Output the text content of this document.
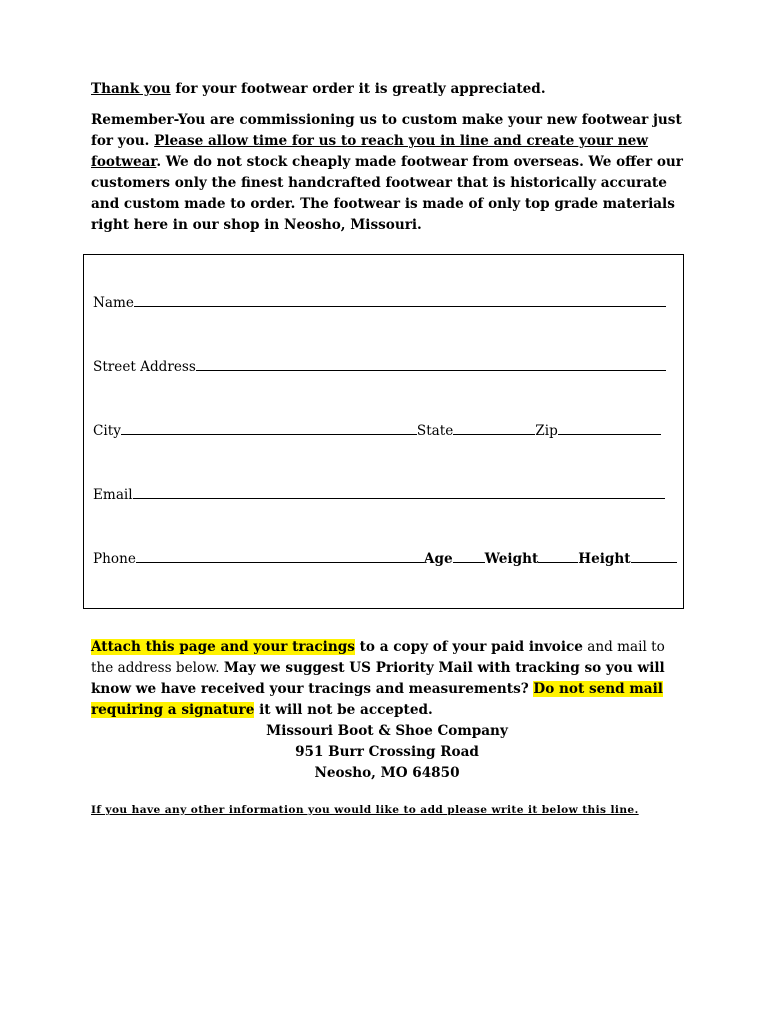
Thank you for your footwear order it is greatly appreciated.

Remember-You are commissioning us to custom make your new footwear just for you. Please allow time for us to reach you in line and create your new footwear. We do not stock cheaply made footwear from overseas. We offer our customers only the finest handcrafted footwear that is historically accurate and custom made to order. The footwear is made of only top grade materials right here in our shop in Neosho, Missouri.

Name
Street Address
City	State	Zip
Email
Phone	Age Weight	Height

Attach this page and your tracings to a copy of your paid invoice and mail to the address below. May we suggest US Priority Mail with tracking so you will know we have received your tracings and measurements? Do not send mail requiring a signature it will not be accepted.
Missouri Boot & Shoe Company
951 Burr Crossing Road
Neosho, MO 64850

If you have any other information you would like to add please write it below this line.
